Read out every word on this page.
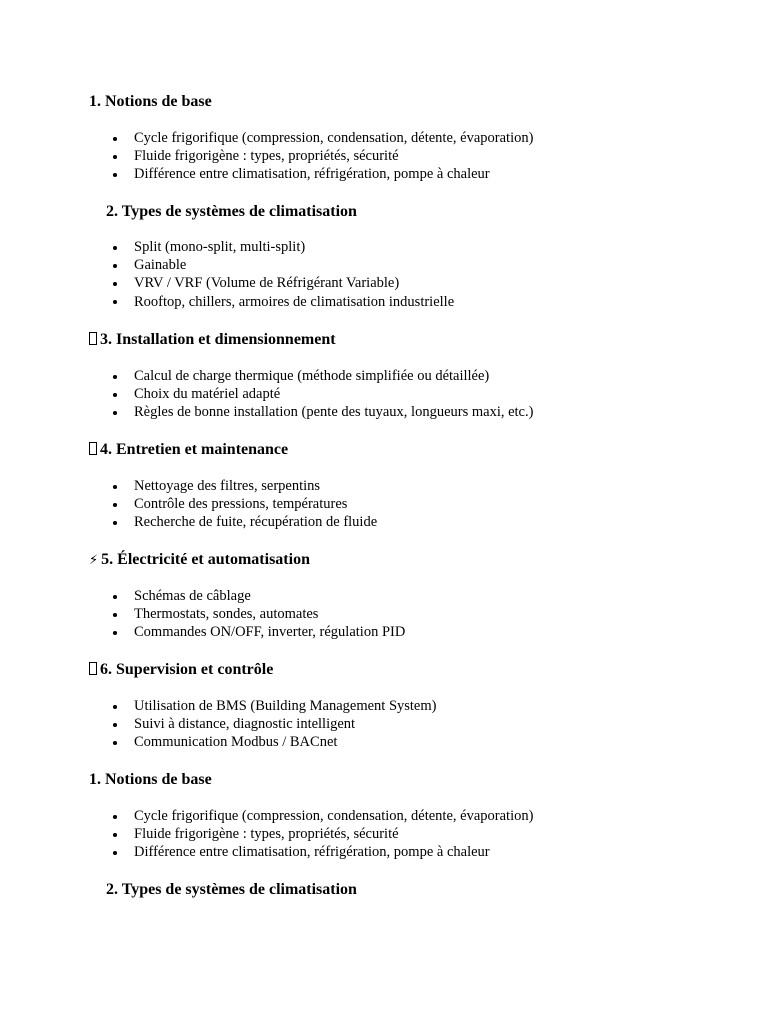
1. Notions de base
Cycle frigorifique (compression, condensation, détente, évaporation)
Fluide frigorigène : types, propriétés, sécurité
Différence entre climatisation, réfrigération, pompe à chaleur
2. Types de systèmes de climatisation
Split (mono-split, multi-split)
Gainable
VRV / VRF (Volume de Réfrigérant Variable)
Rooftop, chillers, armoires de climatisation industrielle
3. Installation et dimensionnement
Calcul de charge thermique (méthode simplifiée ou détaillée)
Choix du matériel adapté
Règles de bonne installation (pente des tuyaux, longueurs maxi, etc.)
4. Entretien et maintenance
Nettoyage des filtres, serpentins
Contrôle des pressions, températures
Recherche de fuite, récupération de fluide
⚡ 5. Électricité et automatisation
Schémas de câblage
Thermostats, sondes, automates
Commandes ON/OFF, inverter, régulation PID
6. Supervision et contrôle
Utilisation de BMS (Building Management System)
Suivi à distance, diagnostic intelligent
Communication Modbus / BACnet
1. Notions de base
Cycle frigorifique (compression, condensation, détente, évaporation)
Fluide frigorigène : types, propriétés, sécurité
Différence entre climatisation, réfrigération, pompe à chaleur
2. Types de systèmes de climatisation
